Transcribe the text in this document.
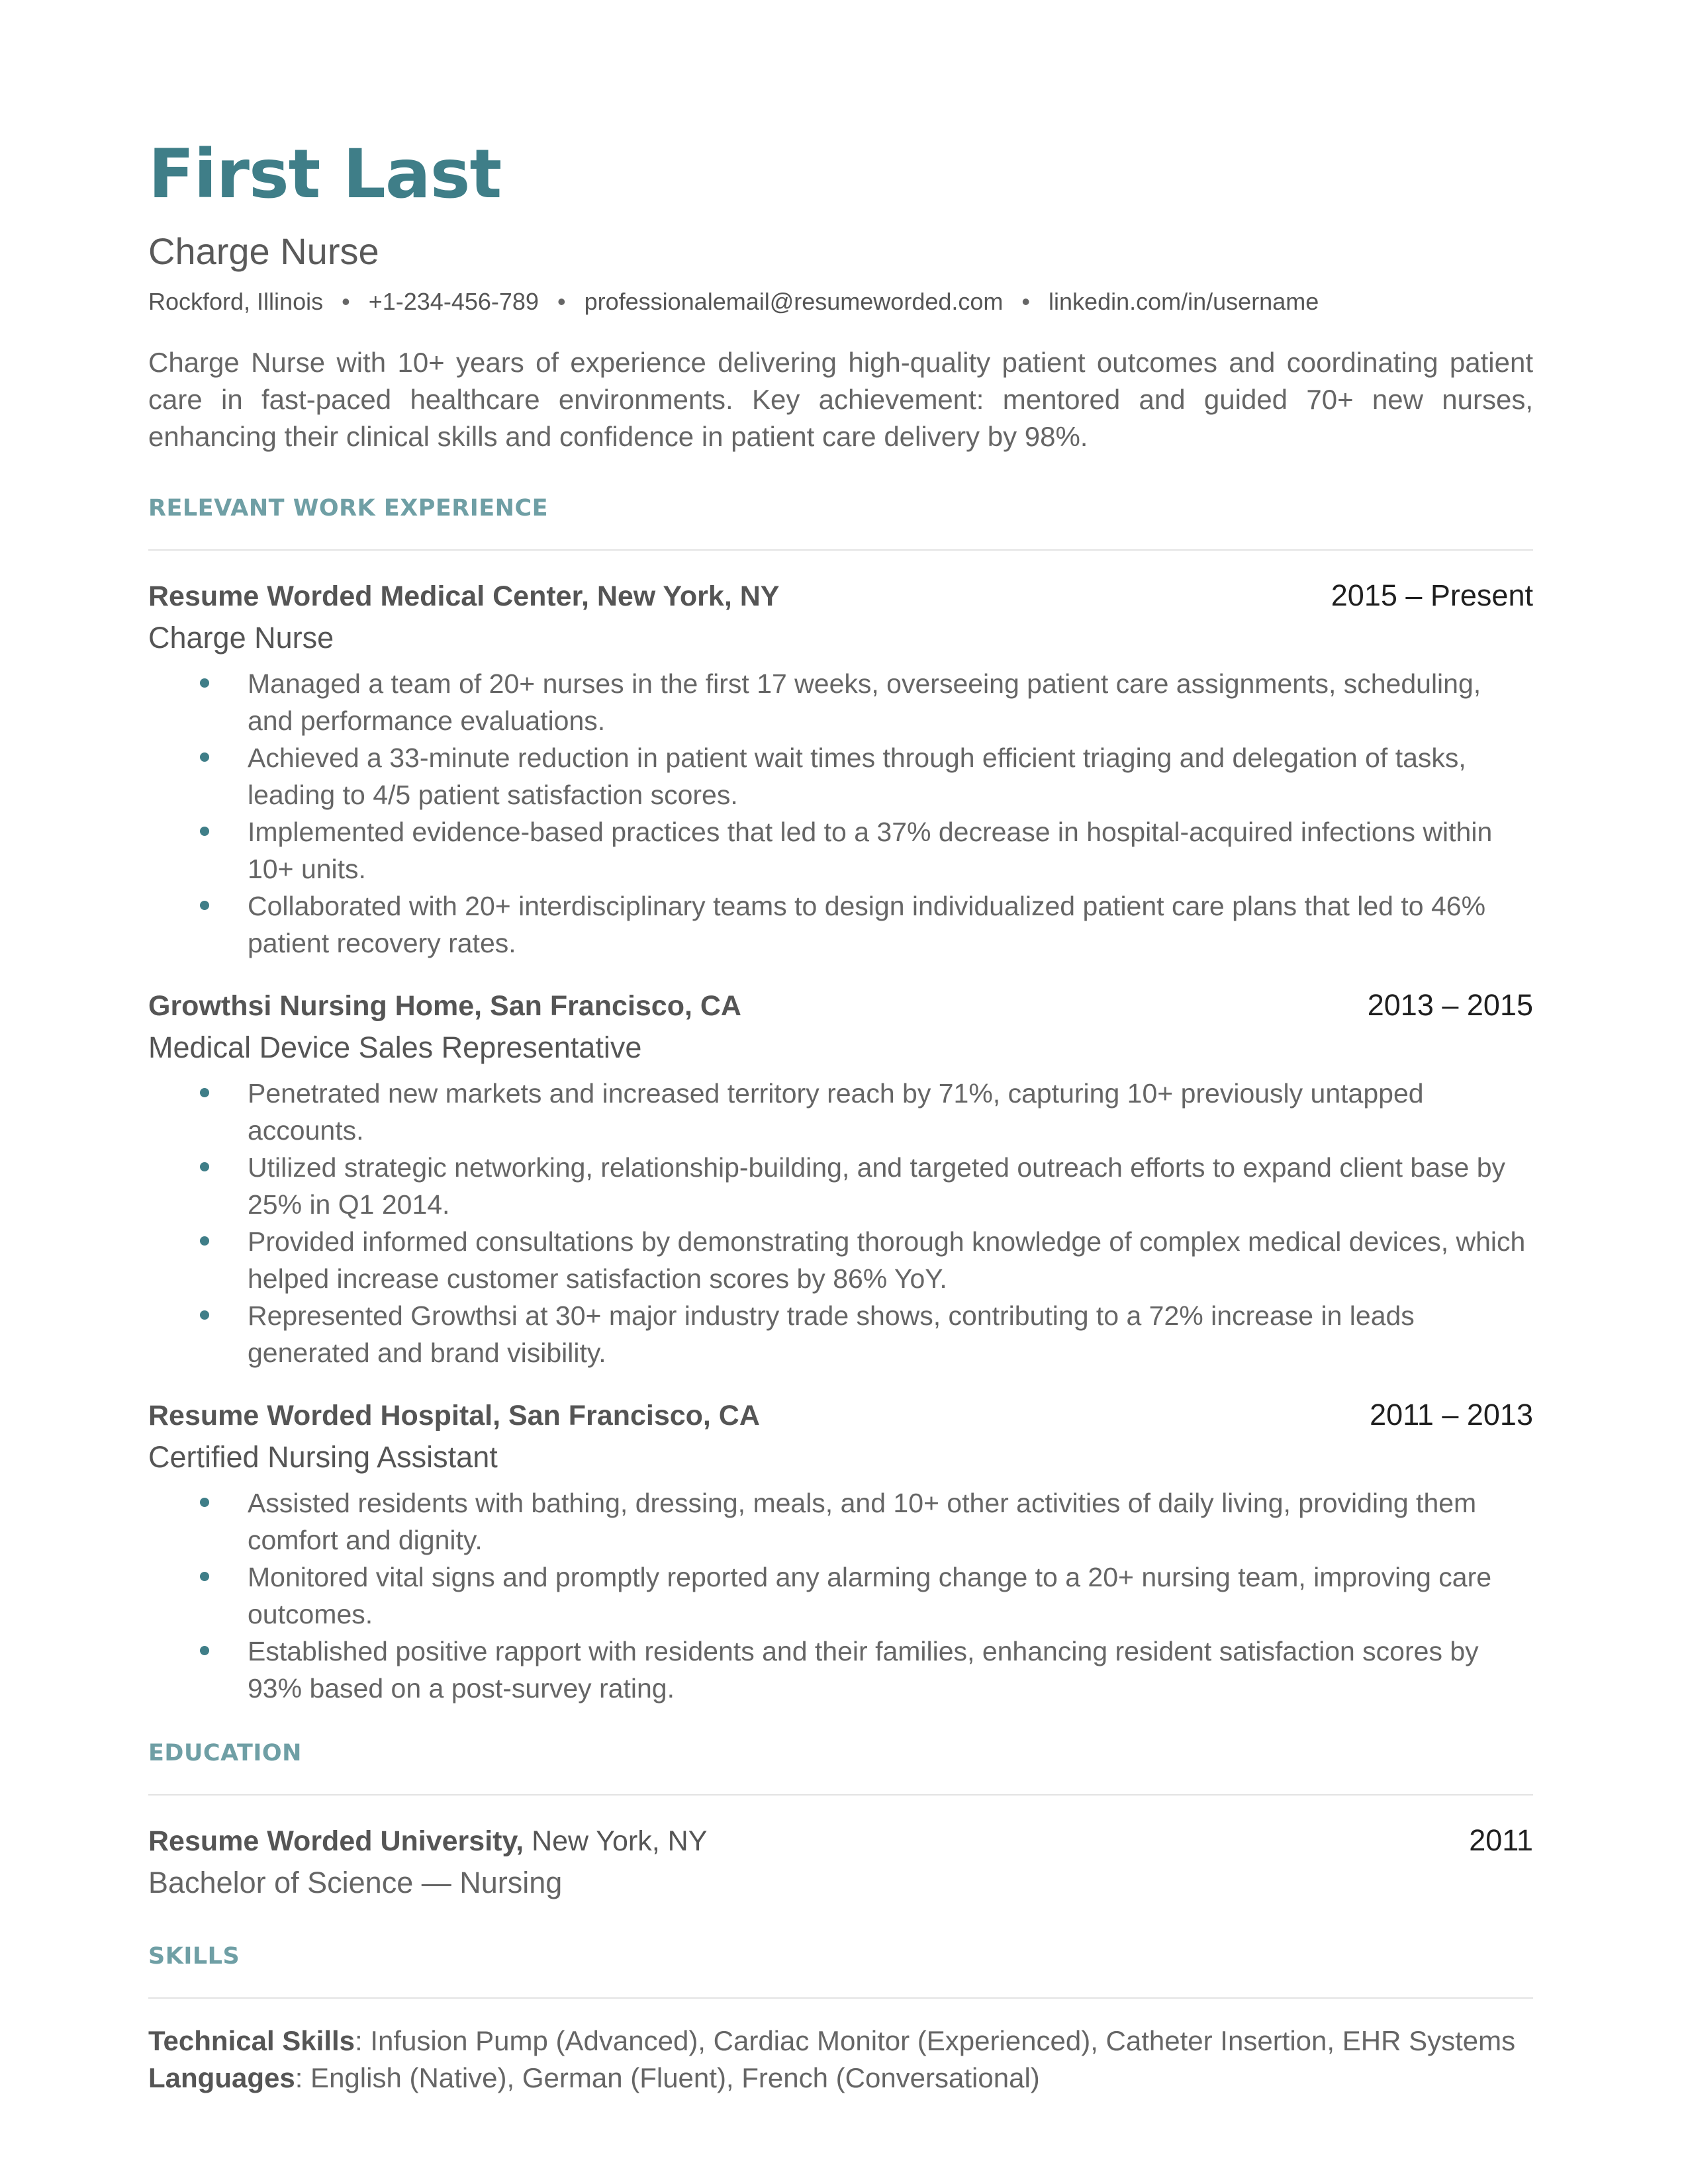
First Last
Charge Nurse
Rockford, Illinois • +1-234-456-789 • professionalemail@resumeworded.com • linkedin.com/in/username

Charge Nurse with 10+ years of experience delivering high-quality patient outcomes and coordinating patient care in fast-paced healthcare environments. Key achievement: mentored and guided 70+ new nurses, enhancing their clinical skills and confidence in patient care delivery by 98%.

RELEVANT WORK EXPERIENCE
Resume Worded Medical Center, New York, NY	2015 – Present
Charge Nurse
Managed a team of 20+ nurses in the first 17 weeks, overseeing patient care assignments, scheduling, and performance evaluations.
Achieved a 33-minute reduction in patient wait times through efficient triaging and delegation of tasks, leading to 4/5 patient satisfaction scores.
Implemented evidence-based practices that led to a 37% decrease in hospital-acquired infections within 10+ units.
Collaborated with 20+ interdisciplinary teams to design individualized patient care plans that led to 46% patient recovery rates.
Growthsi Nursing Home, San Francisco, CA	2013 – 2015
Medical Device Sales Representative
Penetrated new markets and increased territory reach by 71%, capturing 10+ previously untapped accounts.
Utilized strategic networking, relationship-building, and targeted outreach efforts to expand client base by 25% in Q1 2014.
Provided informed consultations by demonstrating thorough knowledge of complex medical devices, which helped increase customer satisfaction scores by 86% YoY.
Represented Growthsi at 30+ major industry trade shows, contributing to a 72% increase in leads generated and brand visibility.
Resume Worded Hospital, San Francisco, CA	2011 – 2013
Certified Nursing Assistant
Assisted residents with bathing, dressing, meals, and 10+ other activities of daily living, providing them comfort and dignity.
Monitored vital signs and promptly reported any alarming change to a 20+ nursing team, improving care outcomes.
Established positive rapport with residents and their families, enhancing resident satisfaction scores by 93% based on a post-survey rating.
EDUCATION
Resume Worded University, New York, NY	2011
Bachelor of Science — Nursing
SKILLS
Technical Skills: Infusion Pump (Advanced), Cardiac Monitor (Experienced), Catheter Insertion, EHR Systems
Languages: English (Native), German (Fluent), French (Conversational)
